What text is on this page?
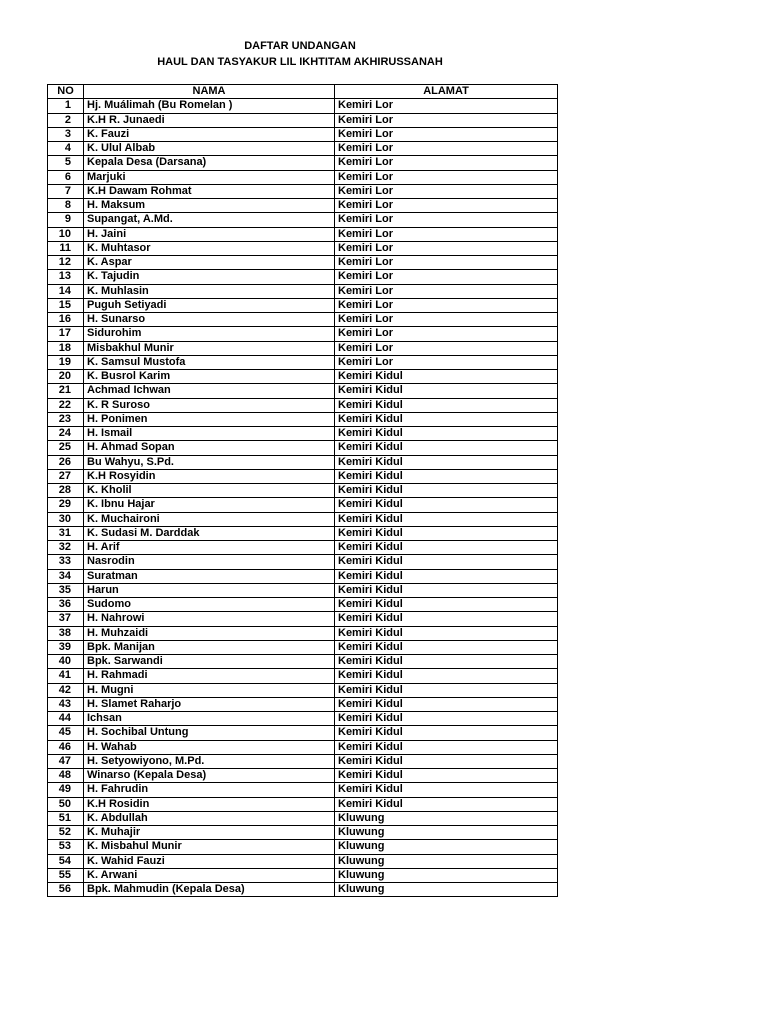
DAFTAR UNDANGAN
HAUL DAN TASYAKUR LIL IKHTITAM AKHIRUSSANAH
NO	NAMA	ALAMAT
1	Hj. Muálimah (Bu Romelan )	Kemiri Lor
2	K.H R. Junaedi	Kemiri Lor
3	K. Fauzi	Kemiri Lor
4	K. Ulul Albab	Kemiri Lor
5	Kepala Desa (Darsana)	Kemiri Lor
6	Marjuki	Kemiri Lor
7	K.H Dawam Rohmat	Kemiri Lor
8	H. Maksum	Kemiri Lor
9	Supangat, A.Md.	Kemiri Lor
10	H. Jaini	Kemiri Lor
11	K. Muhtasor	Kemiri Lor
12	K. Aspar	Kemiri Lor
13	K. Tajudin	Kemiri Lor
14	K. Muhlasin	Kemiri Lor
15	Puguh Setiyadi	Kemiri Lor
16	H. Sunarso	Kemiri Lor
17	Sidurohim	Kemiri Lor
18	Misbakhul Munir	Kemiri Lor
19	K. Samsul Mustofa	Kemiri Lor
20	K. Busrol Karim	Kemiri Kidul
21	Achmad Ichwan	Kemiri Kidul
22	K. R Suroso	Kemiri Kidul
23	H. Ponimen	Kemiri Kidul
24	H. Ismail	Kemiri Kidul
25	H. Ahmad Sopan	Kemiri Kidul
26	Bu Wahyu, S.Pd.	Kemiri Kidul
27	K.H Rosyidin	Kemiri Kidul
28	K. Kholil	Kemiri Kidul
29	K. Ibnu Hajar	Kemiri Kidul
30	K. Muchaironi	Kemiri Kidul
31	K. Sudasi M. Darddak	Kemiri Kidul
32	H. Arif	Kemiri Kidul
33	Nasrodin	Kemiri Kidul
34	Suratman	Kemiri Kidul
35	Harun	Kemiri Kidul
36	Sudomo	Kemiri Kidul
37	H. Nahrowi	Kemiri Kidul
38	H. Muhzaidi	Kemiri Kidul
39	Bpk. Manijan	Kemiri Kidul
40	Bpk. Sarwandi	Kemiri Kidul
41	H. Rahmadi	Kemiri Kidul
42	H. Mugni	Kemiri Kidul
43	H. Slamet Raharjo	Kemiri Kidul
44	Ichsan	Kemiri Kidul
45	H. Sochibal Untung	Kemiri Kidul
46	H. Wahab	Kemiri Kidul
47	H. Setyowiyono, M.Pd.	Kemiri Kidul
48	Winarso (Kepala Desa)	Kemiri Kidul
49	H. Fahrudin	Kemiri Kidul
50	K.H Rosidin	Kemiri Kidul
51	K. Abdullah	Kluwung
52	K. Muhajir	Kluwung
53	K. Misbahul Munir	Kluwung
54	K. Wahid Fauzi	Kluwung
55	K. Arwani	Kluwung
56	Bpk. Mahmudin (Kepala Desa)	Kluwung
